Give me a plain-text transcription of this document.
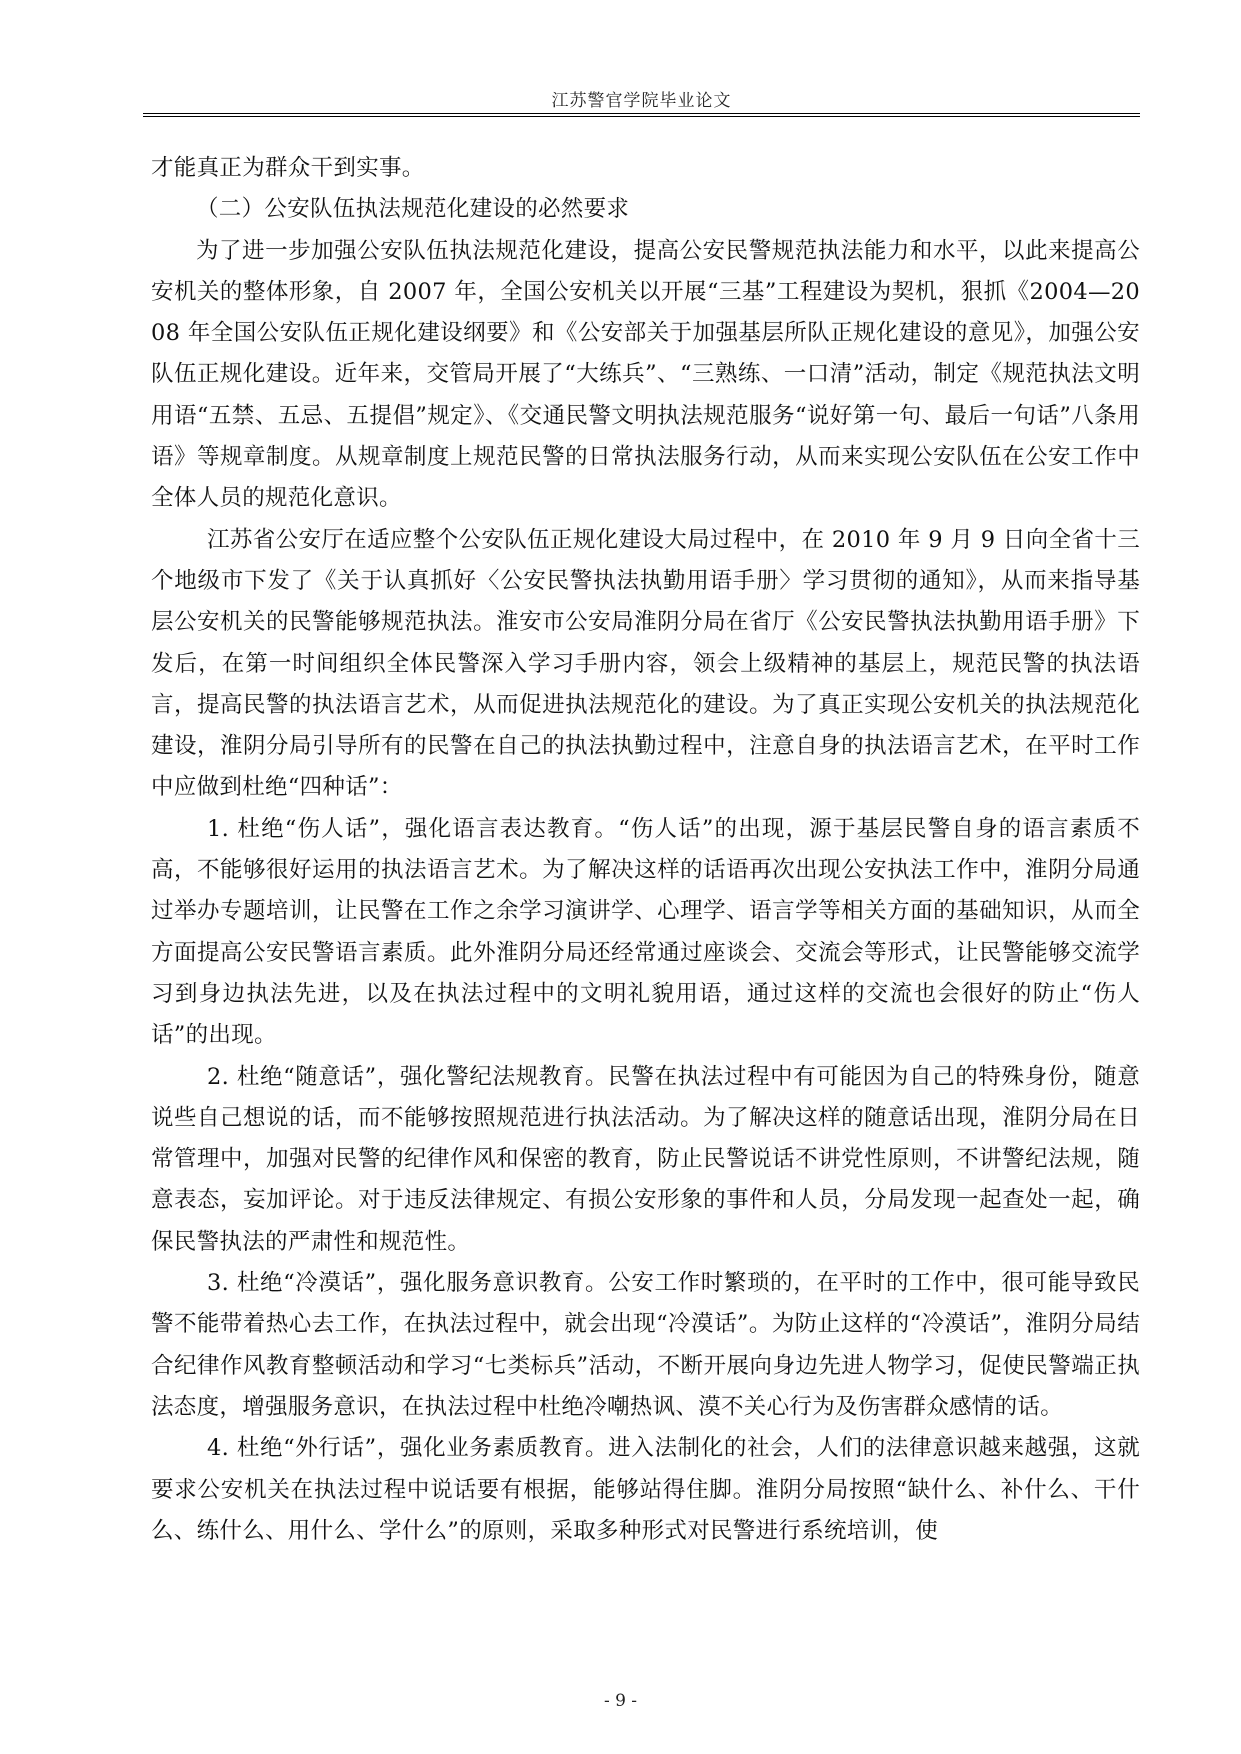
江苏警官学院毕业论文

才能真正为群众干到实事。

（二）公安队伍执法规范化建设的必然要求

为了进一步加强公安队伍执法规范化建设，提高公安民警规范执法能力和水平，以此来提高公安机关的整体形象，自 2007 年，全国公安机关以开展“三基”工程建设为契机，狠抓《2004—2008 年全国公安队伍正规化建设纲要》和《公安部关于加强基层所队正规化建设的意见》，加强公安队伍正规化建设。近年来，交管局开展了“大练兵”、“三熟练、一口清”活动，制定《规范执法文明用语“五禁、五忌、五提倡”规定》、《交通民警文明执法规范服务“说好第一句、最后一句话”八条用语》等规章制度。从规章制度上规范民警的日常执法服务行动，从而来实现公安队伍在公安工作中全体人员的规范化意识。

江苏省公安厅在适应整个公安队伍正规化建设大局过程中，在 2010 年 9 月 9 日向全省十三个地级市下发了《关于认真抓好〈公安民警执法执勤用语手册〉学习贯彻的通知》，从而来指导基层公安机关的民警能够规范执法。淮安市公安局淮阴分局在省厅《公安民警执法执勤用语手册》下发后，在第一时间组织全体民警深入学习手册内容，领会上级精神的基层上，规范民警的执法语言，提高民警的执法语言艺术，从而促进执法规范化的建设。为了真正实现公安机关的执法规范化建设，淮阴分局引导所有的民警在自己的执法执勤过程中，注意自身的执法语言艺术，在平时工作中应做到杜绝“四种话”：

1. 杜绝“伤人话”，强化语言表达教育。“伤人话”的出现，源于基层民警自身的语言素质不高，不能够很好运用的执法语言艺术。为了解决这样的话语再次出现公安执法工作中，淮阴分局通过举办专题培训，让民警在工作之余学习演讲学、心理学、语言学等相关方面的基础知识，从而全方面提高公安民警语言素质。此外淮阴分局还经常通过座谈会、交流会等形式，让民警能够交流学习到身边执法先进，以及在执法过程中的文明礼貌用语，通过这样的交流也会很好的防止“伤人话”的出现。

2. 杜绝“随意话”，强化警纪法规教育。民警在执法过程中有可能因为自己的特殊身份，随意说些自己想说的话，而不能够按照规范进行执法活动。为了解决这样的随意话出现，淮阴分局在日常管理中，加强对民警的纪律作风和保密的教育，防止民警说话不讲党性原则，不讲警纪法规，随意表态，妄加评论。对于违反法律规定、有损公安形象的事件和人员，分局发现一起查处一起，确保民警执法的严肃性和规范性。

3. 杜绝“冷漠话”，强化服务意识教育。公安工作时繁琐的，在平时的工作中，很可能导致民警不能带着热心去工作，在执法过程中，就会出现“冷漠话”。为防止这样的“冷漠话”，淮阴分局结合纪律作风教育整顿活动和学习“七类标兵”活动，不断开展向身边先进人物学习，促使民警端正执法态度，增强服务意识，在执法过程中杜绝冷嘲热讽、漠不关心行为及伤害群众感情的话。

4. 杜绝“外行话”，强化业务素质教育。进入法制化的社会，人们的法律意识越来越强，这就要求公安机关在执法过程中说话要有根据，能够站得住脚。淮阴分局按照“缺什么、补什么、干什么、练什么、用什么、学什么”的原则，采取多种形式对民警进行系统培训，使

- 9 -
